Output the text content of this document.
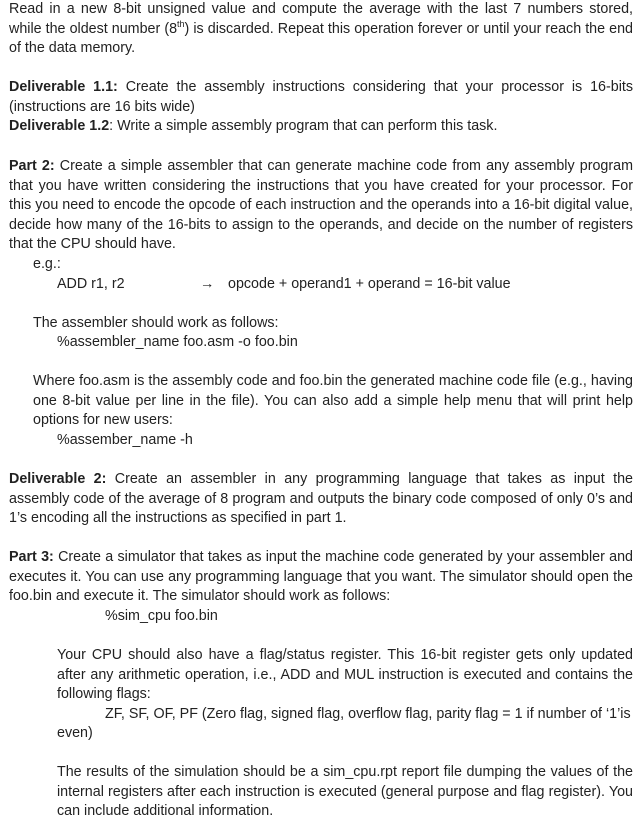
Read in a new 8-bit unsigned value and compute the average with the last 7 numbers stored, while the oldest number (8th) is discarded. Repeat this operation forever or until your reach the end of the data memory.

Deliverable 1.1: Create the assembly instructions considering that your processor is 16-bits (instructions are 16 bits wide)

Deliverable 1.2: Write a simple assembly program that can perform this task.

Part 2: Create a simple assembler that can generate machine code from any assembly program that you have written considering the instructions that you have created for your processor. For this you need to encode the opcode of each instruction and the operands into a 16-bit digital value, decide how many of the 16-bits to assign to the operands, and decide on the number of registers that the CPU should have.

e.g.:

ADD r1, r2	→ opcode + operand1 + operand = 16-bit value

The assembler should work as follows:

%assembler_name foo.asm -o foo.bin

Where foo.asm is the assembly code and foo.bin the generated machine code file (e.g., having one 8-bit value per line in the file). You can also add a simple help menu that will print help options for new users:

%assember_name -h

Deliverable 2: Create an assembler in any programming language that takes as input the assembly code of the average of 8 program and outputs the binary code composed of only 0’s and 1’s encoding all the instructions as specified in part 1.

Part 3: Create a simulator that takes as input the machine code generated by your assembler and executes it. You can use any programming language that you want. The simulator should open the foo.bin and execute it. The simulator should work as follows:

%sim_cpu foo.bin

Your CPU should also have a flag/status register. This 16-bit register gets only updated after any arithmetic operation, i.e., ADD and MUL instruction is executed and contains the following flags:

ZF, SF, OF, PF (Zero flag, signed flag, overflow flag, parity flag = 1 if number of ‘1’is

even)

The results of the simulation should be a sim_cpu.rpt report file dumping the values of the internal registers after each instruction is executed (general purpose and flag register). You can include additional information.
